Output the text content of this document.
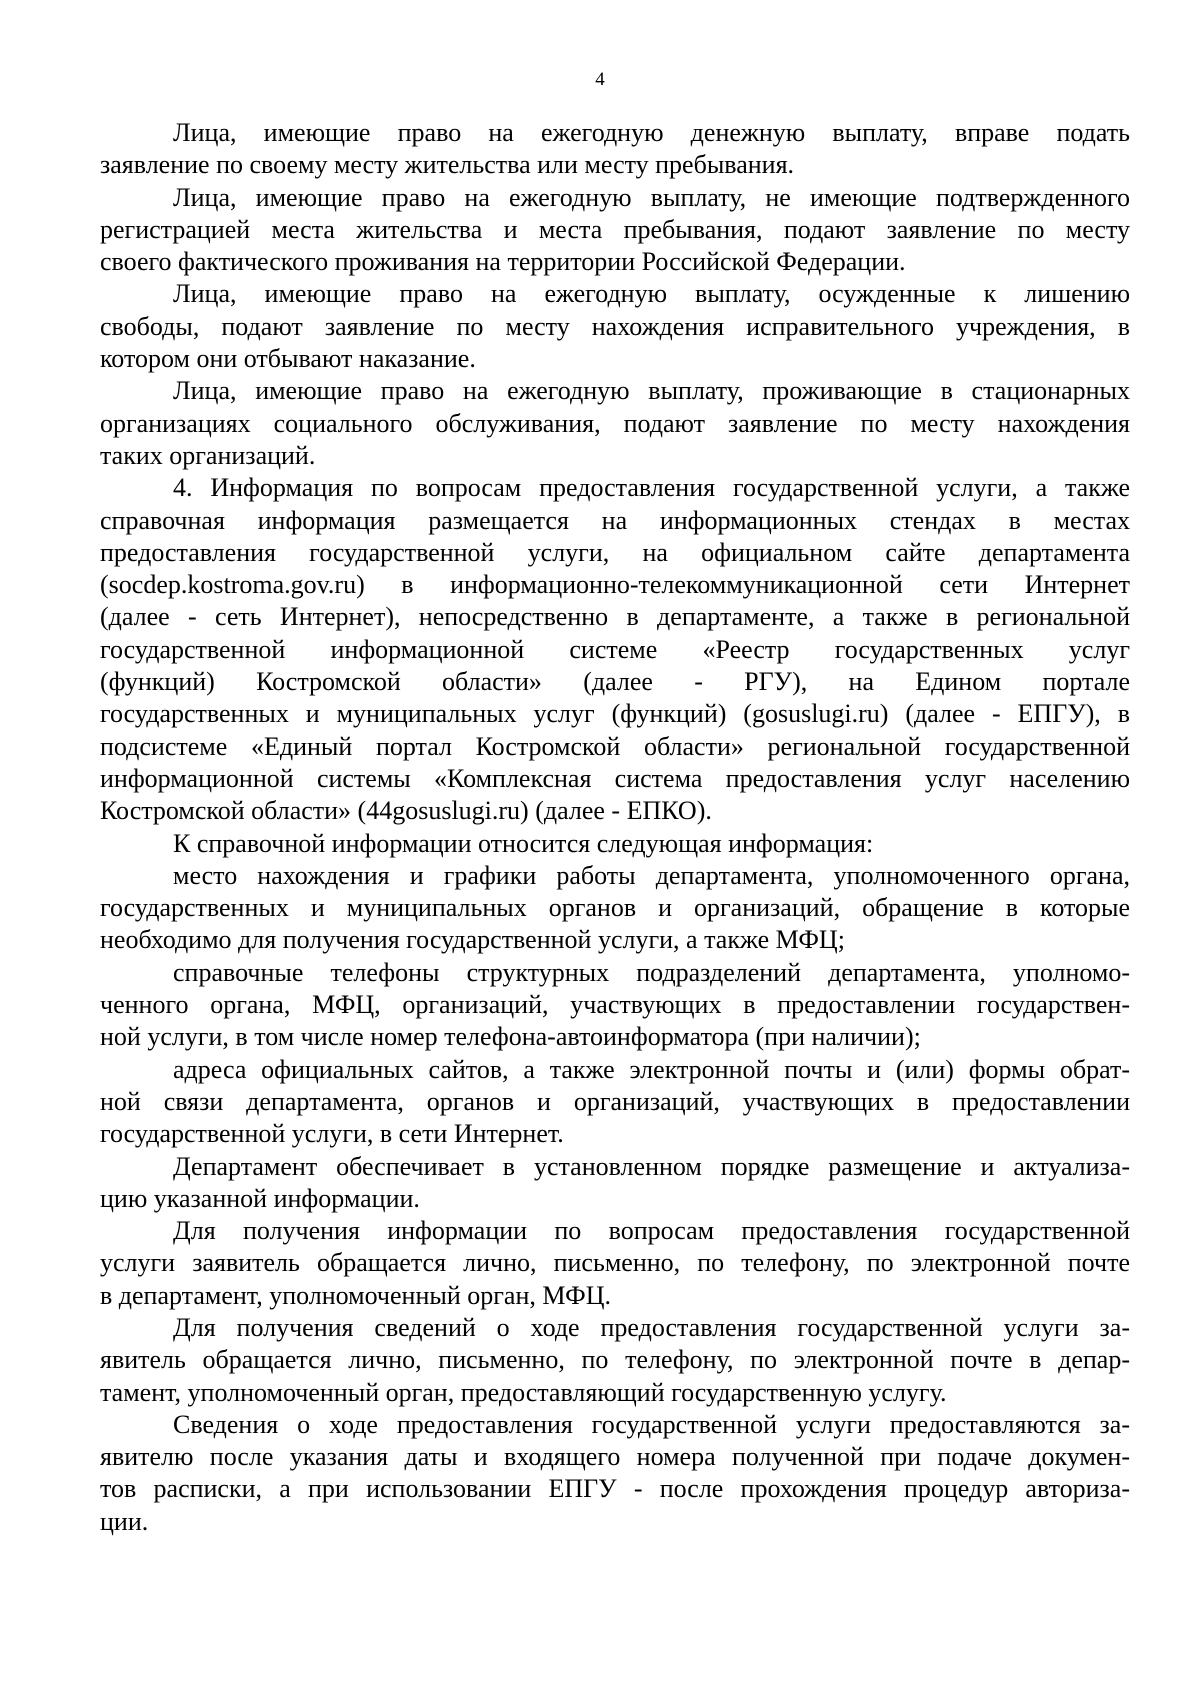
4
Лица, имеющие право на ежегодную денежную выплату, вправе подать
заявление по своему месту жительства или месту пребывания.
Лица, имеющие право на ежегодную выплату, не имеющие подтвержденного
регистрацией места жительства и места пребывания, подают заявление по месту
своего фактического проживания на территории Российской Федерации.
Лица, имеющие право на ежегодную выплату, осужденные к лишению
свободы, подают заявление по месту нахождения исправительного учреждения, в
котором они отбывают наказание.
Лица, имеющие право на ежегодную выплату, проживающие в стационарных
организациях социального обслуживания, подают заявление по месту нахождения
таких организаций.
4. Информация по вопросам предоставления государственной услуги, а также
справочная информация размещается на информационных стендах в местах
предоставления государственной услуги, на официальном сайте департамента
(socdep.kostroma.gov.ru) в информационно-телекоммуникационной сети Интернет
(далее - сеть Интернет), непосредственно в департаменте, а также в региональной
государственной информационной системе «Реестр государственных услуг
(функций) Костромской области» (далее - РГУ), на Едином портале
государственных и муниципальных услуг (функций) (gosuslugi.ru) (далее - ЕПГУ), в
подсистеме «Единый портал Костромской области» региональной государственной
информационной системы «Комплексная система предоставления услуг населению
Костромской области» (44gosuslugi.ru) (далее - ЕПКО).
К справочной информации относится следующая информация:
место нахождения и графики работы департамента, уполномоченного органа,
государственных и муниципальных органов и организаций, обращение в которые
необходимо для получения государственной услуги, а также МФЦ;
справочные телефоны структурных подразделений департамента, уполномо-
ченного органа, МФЦ, организаций, участвующих в предоставлении государствен-
ной услуги, в том числе номер телефона-автоинформатора (при наличии);
адреса официальных сайтов, а также электронной почты и (или) формы обрат-
ной связи департамента, органов и организаций, участвующих в предоставлении
государственной услуги, в сети Интернет.
Департамент обеспечивает в установленном порядке размещение и актуализа-
цию указанной информации.
Для получения информации по вопросам предоставления государственной
услуги заявитель обращается лично, письменно, по телефону, по электронной почте
в департамент, уполномоченный орган, МФЦ.
Для получения сведений о ходе предоставления государственной услуги за-
явитель обращается лично, письменно, по телефону, по электронной почте в депар-
тамент, уполномоченный орган, предоставляющий государственную услугу.
Сведения о ходе предоставления государственной услуги предоставляются за-
явителю после указания даты и входящего номера полученной при подаче докумен-
тов расписки, а при использовании ЕПГУ - после прохождения процедур авториза-
ции.
